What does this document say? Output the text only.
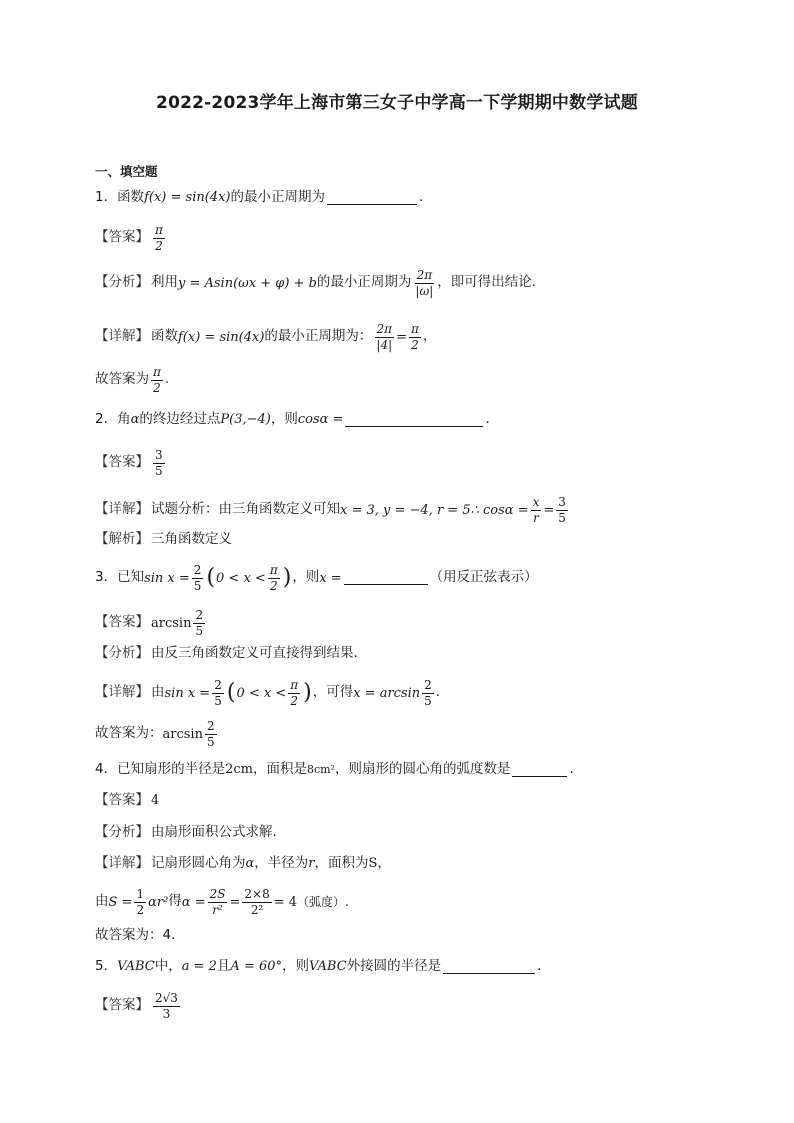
2022-2023学年上海市第三女子中学高一下学期期中数学试题
一、填空题
1． 函数 f(x) = sin(4x) 的最小正周期为	.
【答案】 $\frac{\pi}{2}$
【分析】 利用 y = Asin(ωx + φ) + b 的最小正周期为 $\frac{2\pi}{|\omega|}$ ，即可得出结论．
【详解】 函数 f(x) = sin(4x) 的最小正周期为： $\frac{2\pi}{|4|} = \frac{\pi}{2}$ ，
故答案为 $\frac{\pi}{2}$ .
2． 角 α 的终边经过点 P(3,−4) ，则 cosα =	．
【答案】 $\frac{3}{5}$
【详解】 试题分析：由三角函数定义可知 x = 3, y = −4, r = 5∴ $\cos\alpha = \frac{x}{r} = \frac{3}{5}$
【解析】 三角函数定义
3． 已知 $\sin x = \frac{2}{5}$ ( $0 < x < \frac{\pi}{2}$ ) ，则 x =	（用反正弦表示）
【答案】 $\arcsin \frac{2}{5}$
【分析】 由反三角函数定义可直接得到结果.
【详解】 由 $\sin x = \frac{2}{5}$ ( $0 < x < \frac{\pi}{2}$ ) ，可得 $x = \arcsin \frac{2}{5}$ .
故答案为： $\arcsin \frac{2}{5}$
4． 已知扇形的半径是 2cm ，面积是 8cm² ，则扇形的圆心角的弧度数是	.
【答案】 4
【分析】 由扇形面积公式求解．
【详解】 记扇形圆心角为 α ，半径为 r ，面积为 S ，
由 $S = \frac{1}{2} \alpha r^2$ 得 $\alpha = \frac{2S}{\text{r²}} = \frac{2\times 8}{\text{2²}} = 4$ （弧度）.
故答案为：4.
5． VABC 中， a = 2 且 A = 60° ，则 VABC 外接圆的半径是	．
【答案】 $\frac{2√3}{3}$
